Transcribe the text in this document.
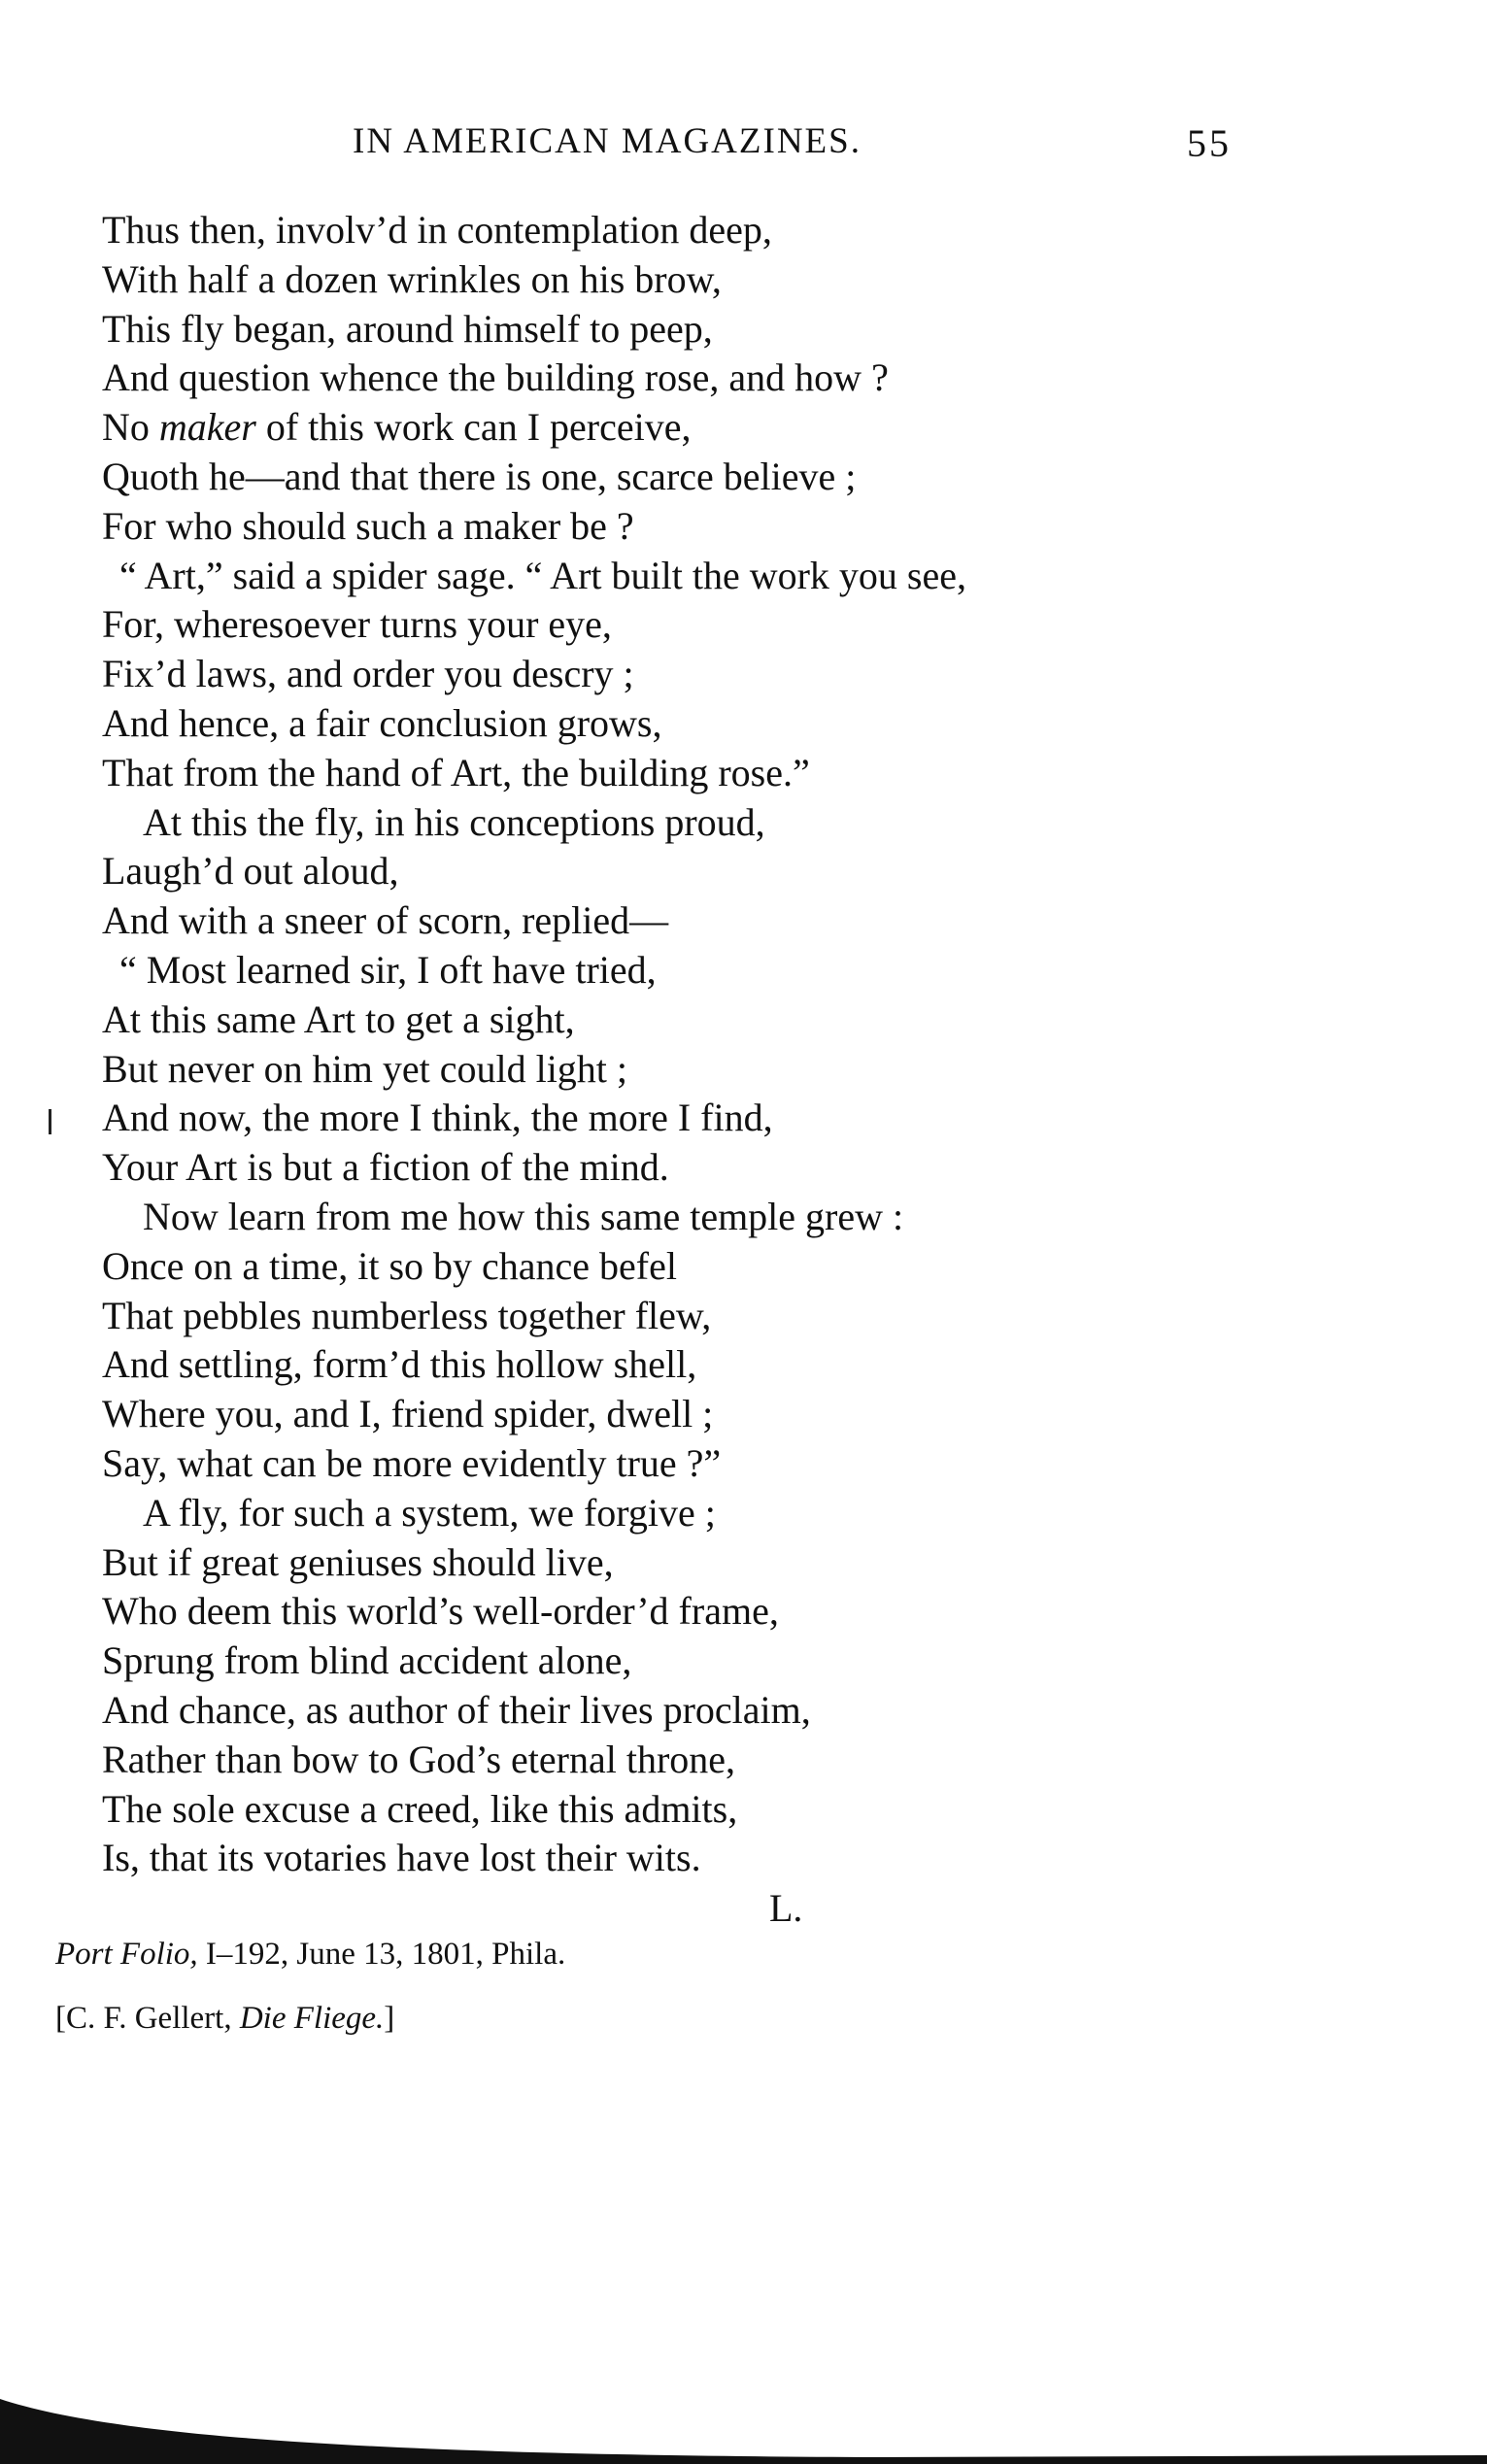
IN AMERICAN MAGAZINES.	55
Thus then, involv’d in contemplation deep,
With half a dozen wrinkles on his brow,
This fly began, around himself to peep,
And question whence the building rose, and how ?
No maker of this work can I perceive,
Quoth he—and that there is one, scarce believe ;
For who should such a maker be ?
“ Art,” said a spider sage. “ Art built the work you see,
For, wheresoever turns your eye,
Fix’d laws, and order you descry ;
And hence, a fair conclusion grows,
That from the hand of Art, the building rose.”
At this the fly, in his conceptions proud,
Laugh’d out aloud,
And with a sneer of scorn, replied—
“ Most learned sir, I oft have tried,
At this same Art to get a sight,
But never on him yet could light ;
And now, the more I think, the more I find,
Your Art is but a fiction of the mind.
Now learn from me how this same temple grew :
Once on a time, it so by chance befel
That pebbles numberless together flew,
And settling, form’d this hollow shell,
Where you, and I, friend spider, dwell ;
Say, what can be more evidently true ?”
A fly, for such a system, we forgive ;
But if great geniuses should live,
Who deem this world’s well-order’d frame,
Sprung from blind accident alone,
And chance, as author of their lives proclaim,
Rather than bow to God’s eternal throne,
The sole excuse a creed, like this admits,
Is, that its votaries have lost their wits.
L.
Port Folio, I–192, June 13, 1801, Phila.
[C. F. Gellert, Die Fliege.]
